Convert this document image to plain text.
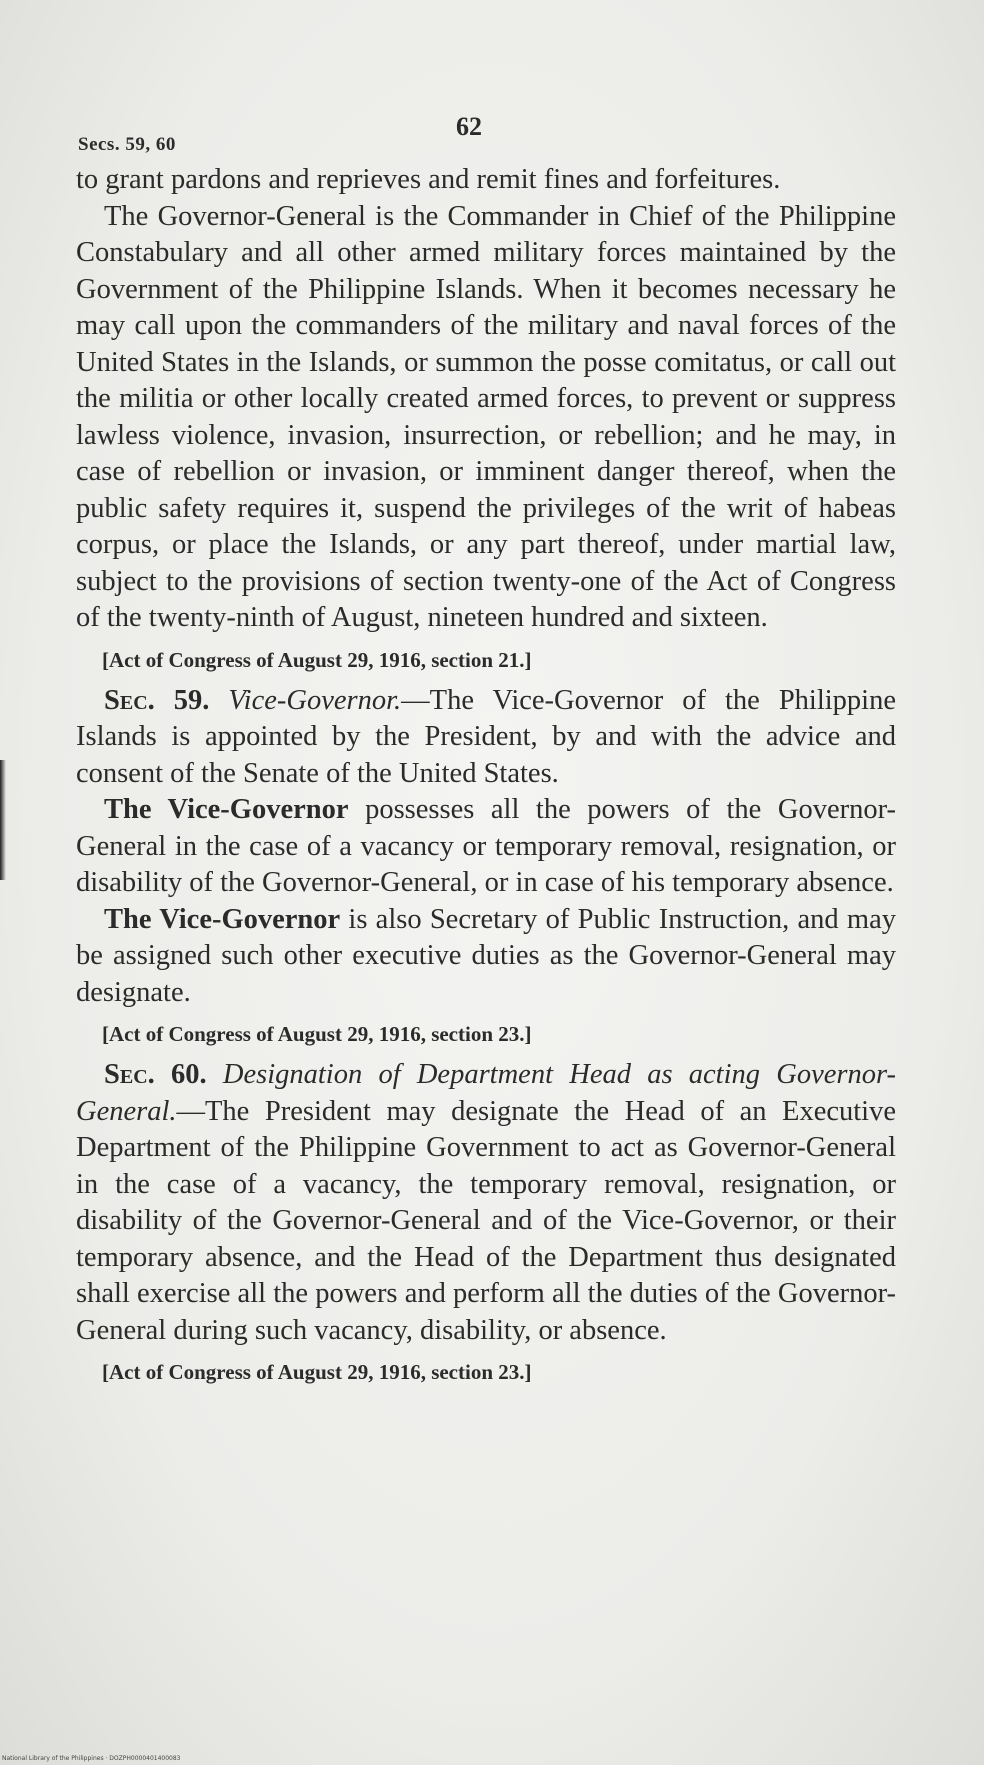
Secs. 59, 60
62

to grant pardons and reprieves and remit fines and forfeitures.

The Governor-General is the Commander in Chief of the Philippine Constabulary and all other armed military forces maintained by the Government of the Philippine Islands. When it becomes necessary he may call upon the commanders of the military and naval forces of the United States in the Islands, or summon the posse comitatus, or call out the militia or other locally created armed forces, to prevent or suppress lawless violence, invasion, insurrection, or rebellion; and he may, in case of rebellion or invasion, or imminent danger thereof, when the public safety requires it, suspend the privileges of the writ of habeas corpus, or place the Islands, or any part thereof, under martial law, subject to the provisions of section twenty-one of the Act of Congress of the twenty-ninth of August, nineteen hundred and sixteen.

[Act of Congress of August 29, 1916, section 21.]

Sec. 59. Vice-Governor.—The Vice-Governor of the Philippine Islands is appointed by the President, by and with the advice and consent of the Senate of the United States.

The Vice-Governor possesses all the powers of the Governor-General in the case of a vacancy or temporary removal, resignation, or disability of the Governor-General, or in case of his temporary absence.

The Vice-Governor is also Secretary of Public Instruction, and may be assigned such other executive duties as the Governor-General may designate.

[Act of Congress of August 29, 1916, section 23.]

Sec. 60. Designation of Department Head as acting Governor-General.—The President may designate the Head of an Executive Department of the Philippine Government to act as Governor-General in the case of a vacancy, the temporary removal, resignation, or disability of the Governor-General and of the Vice-Governor, or their temporary absence, and the Head of the Department thus designated shall exercise all the powers and perform all the duties of the Governor-General during such vacancy, disability, or absence.

[Act of Congress of August 29, 1916, section 23.]

National Library of the Philippines · DOZPH0000401400083
